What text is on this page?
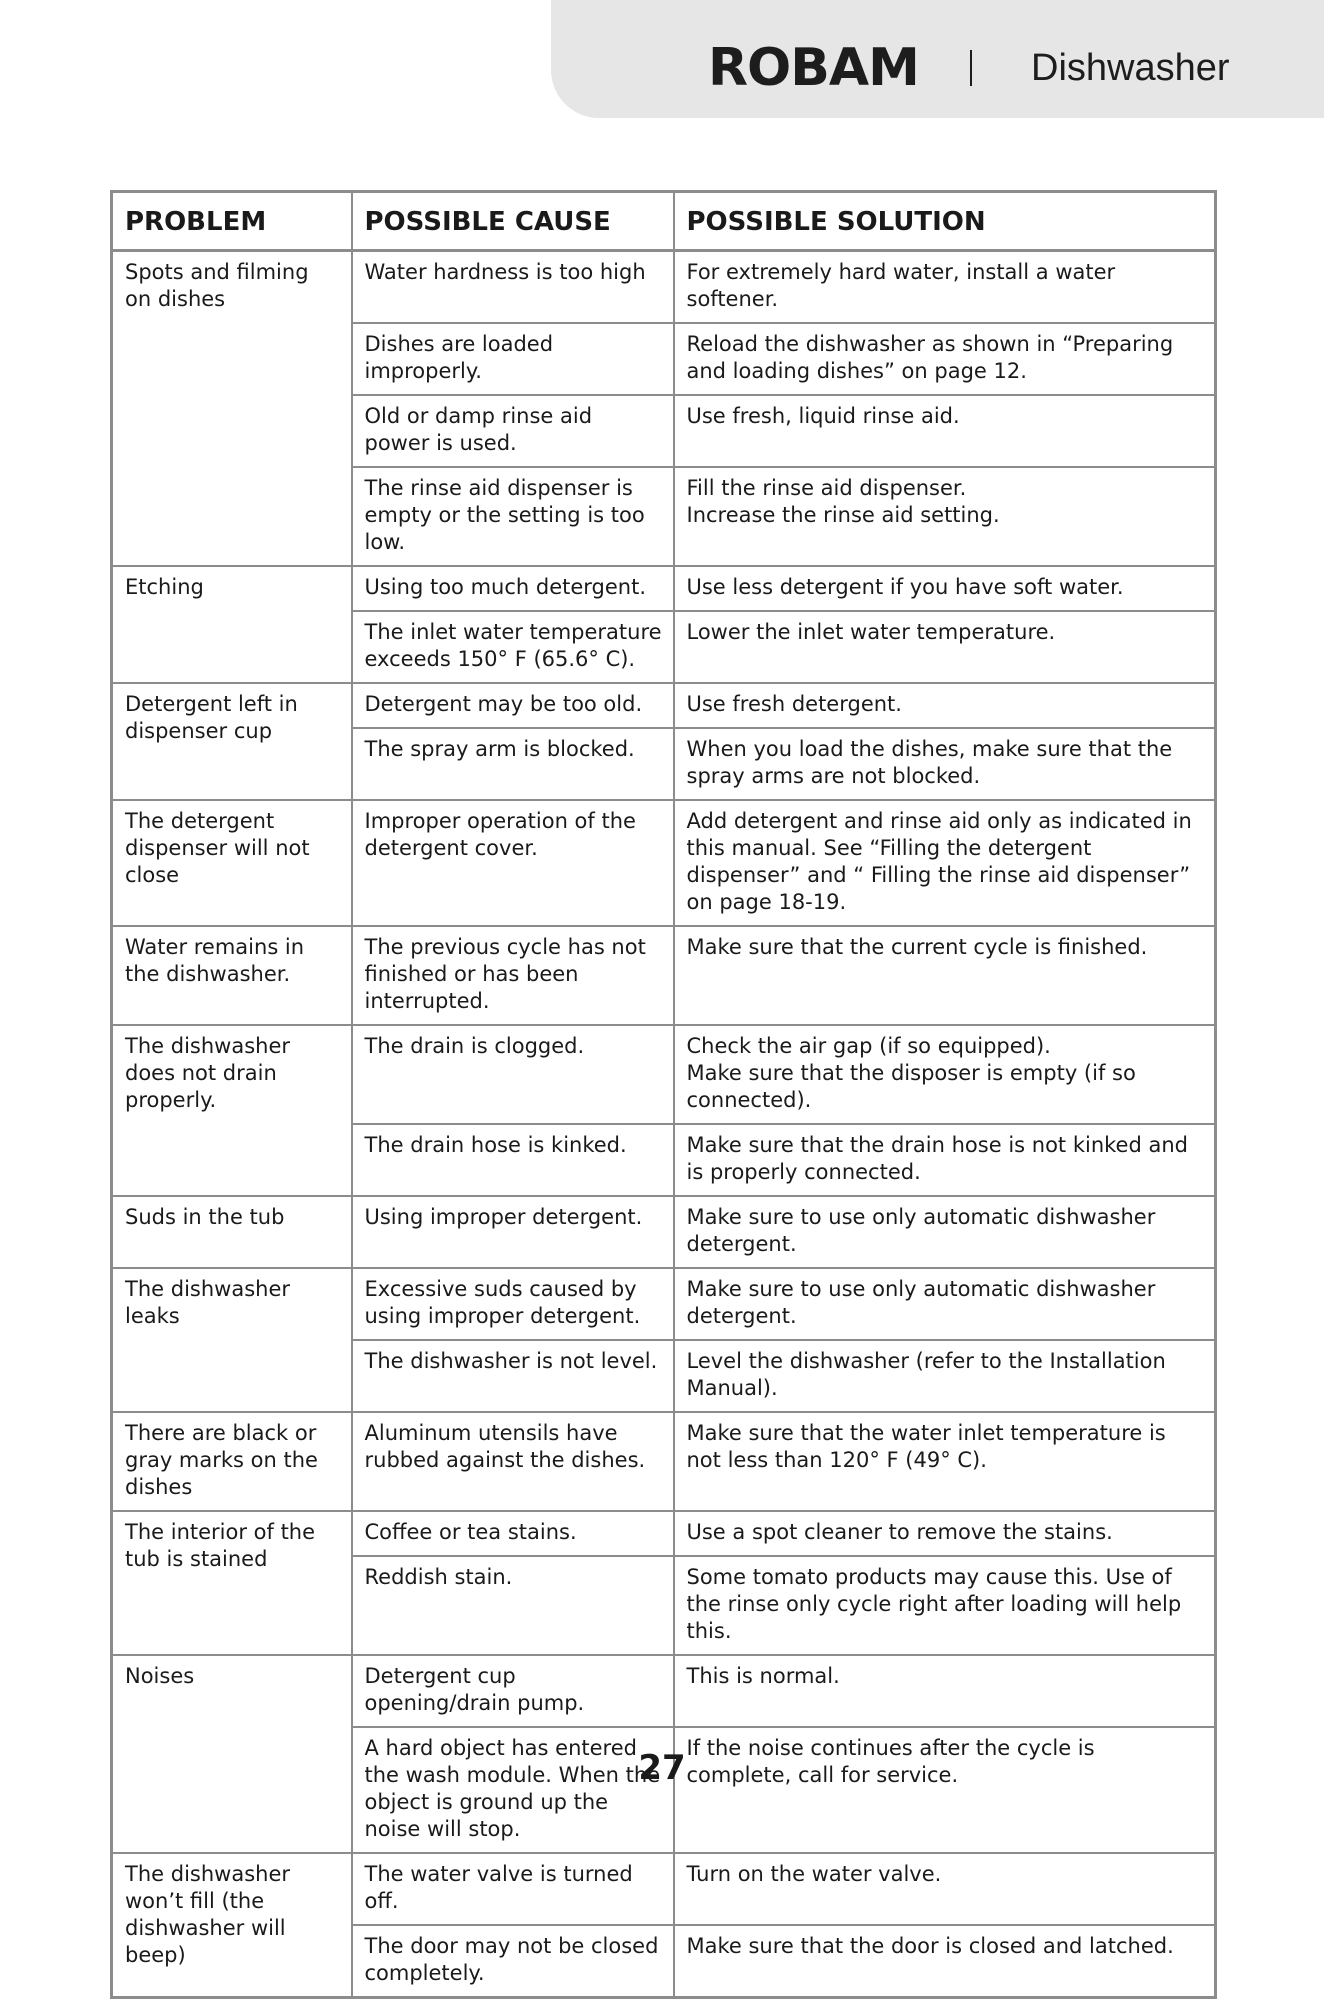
ROBAM	Dishwasher
PROBLEM	POSSIBLE CAUSE	POSSIBLE SOLUTION
Spots and filming on dishes	Water hardness is too high	For extremely hard water, install a water softener.

	Dishes are loaded improperly.	Reload the dishwasher as shown in “Preparing and loading dishes” on page 12.

	Old or damp rinse aid power is used.	Use fresh, liquid rinse aid.

	The rinse aid dispenser is empty or the setting is too low.	Fill the rinse aid dispenser.
Increase the rinse aid setting.

Etching	Using too much detergent.	Use less detergent if you have soft water.

	The inlet water temperature exceeds 150° F (65.6° C).	Lower the inlet water temperature.

Detergent left in dispenser cup	Detergent may be too old.	Use fresh detergent.

	The spray arm is blocked.	When you load the dishes, make sure that the spray arms are not blocked.

The detergent dispenser will not close	Improper operation of the detergent cover.	Add detergent and rinse aid only as indicated in this manual. See “Filling the detergent dispenser” and “ Filling the rinse aid dispenser” on page 18-19.

Water remains in the dishwasher.	The previous cycle has not finished or has been interrupted.	Make sure that the current cycle is finished.

The dishwasher does not drain properly.	The drain is clogged.	Check the air gap (if so equipped).
Make sure that the disposer is empty (if so connected).

	The drain hose is kinked.	Make sure that the drain hose is not kinked and is properly connected.

Suds in the tub	Using improper detergent.	Make sure to use only automatic dishwasher detergent.

The dishwasher leaks	Excessive suds caused by using improper detergent.	Make sure to use only automatic dishwasher detergent.

	The dishwasher is not level.	Level the dishwasher (refer to the Installation Manual).

There are black or gray marks on the dishes	Aluminum utensils have rubbed against the dishes.	Make sure that the water inlet temperature is not less than 120° F (49° C).

The interior of the tub is stained	Coffee or tea stains.	Use a spot cleaner to remove the stains.

	Reddish stain.	Some tomato products may cause this. Use of the rinse only cycle right after loading will help this.

Noises	Detergent cup opening/drain pump.	This is normal.

	A hard object has entered the wash module. When the object is ground up the noise will stop.	If the noise continues after the cycle is complete, call for service.

The dishwasher won’t fill (the dishwasher will beep)	The water valve is turned off.	Turn on the water valve.

	The door may not be closed completely.	Make sure that the door is closed and latched.
27
